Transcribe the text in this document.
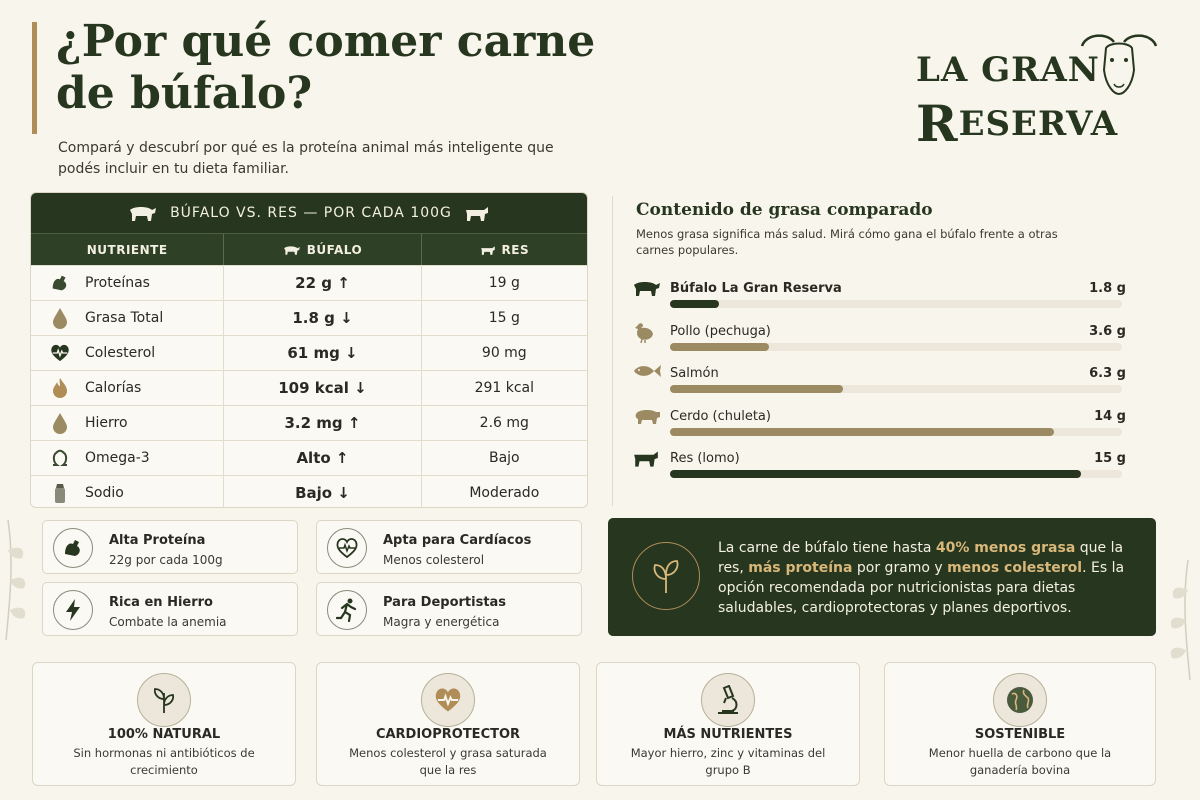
¿Por qué comer carne de búfalo?

Compará y descubrí por qué es la proteína animal más inteligente que podés incluir en tu dieta familiar.

LA GRAN
RESERVA
BÚFALO VS. RES — POR CADA 100G
NUTRIENTE	BÚFALO	RES
Proteínas	22 g ↑	19 g
Grasa Total	1.8 g ↓	15 g
Colesterol	61 mg ↓	90 mg
Calorías	109 kcal ↓	291 kcal
Hierro	3.2 mg ↑	2.6 mg
Omega-3	Alto ↑	Bajo
Sodio	Bajo ↓	Moderado
Contenido de grasa comparado
Menos grasa significa más salud. Mirá cómo gana el búfalo frente a otras carnes populares.
Búfalo La Gran Reserva	1.8 g
Pollo (pechuga)	3.6 g
Salmón	6.3 g
Cerdo (chuleta)	14 g
Res (lomo)	15 g
Alta Proteína
22g por cada 100g
Apta para Cardíacos
Menos colesterol
Rica en Hierro
Combate la anemia
Para Deportistas
Magra y energética
La carne de búfalo tiene hasta 40% menos grasa que la res, más proteína por gramo y menos colesterol. Es la opción recomendada por nutricionistas para dietas saludables, cardioprotectoras y planes deportivos.
100% NATURAL
Sin hormonas ni antibióticos de crecimiento
CARDIOPROTECTOR
Menos colesterol y grasa saturada que la res
MÁS NUTRIENTES
Mayor hierro, zinc y vitaminas del grupo B
SOSTENIBLE
Menor huella de carbono que la ganadería bovina
